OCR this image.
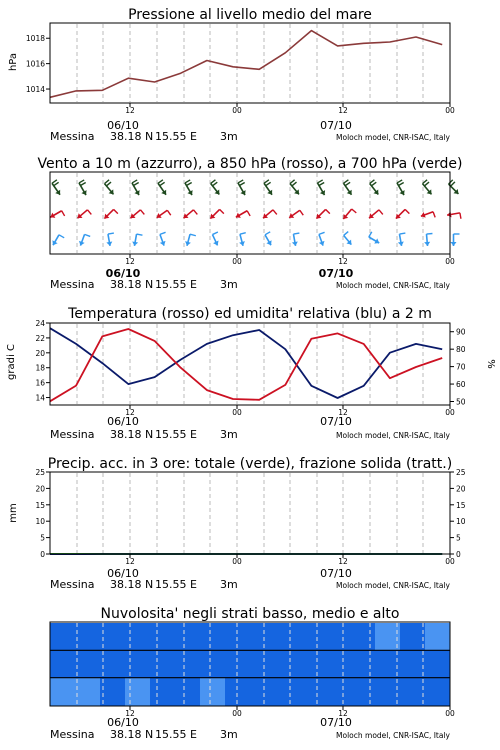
Pressione al livello medio del mare
hPa
1014
1016
1018
12
06/10
00	12
07/10
00
Messina 38.18 N 15.55 E 3m	Moloch model, CNR-ISAC, Italy
Vento a 10 m (azzurro), a 850 hPa (rosso), a 700 hPa (verde)
12
06/10
00	12
07/10
00
Messina 38.18 N 15.55 E 3m	Moloch model, CNR-ISAC, Italy
Temperatura (rosso) ed umidita' relativa (blu) a 2 m
gradi C	%
14
16
18
20
22
24
50
60
70
80
90
12
06/10
00	12
07/10
00
Messina 38.18 N 15.55 E 3m	Moloch model, CNR-ISAC, Italy
Precip. acc. in 3 ore: totale (verde), frazione solida (tratt.)
mm
0
5
10
15
20
25
0
5
10
15
20
25
12
06/10
00	12
07/10
00
Messina 38.18 N 15.55 E 3m	Moloch model, CNR-ISAC, Italy
Nuvolosita' negli strati basso, medio e alto
12
06/10
00	12
07/10
00
Messina 38.18 N 15.55 E 3m	Moloch model, CNR-ISAC, Italy
